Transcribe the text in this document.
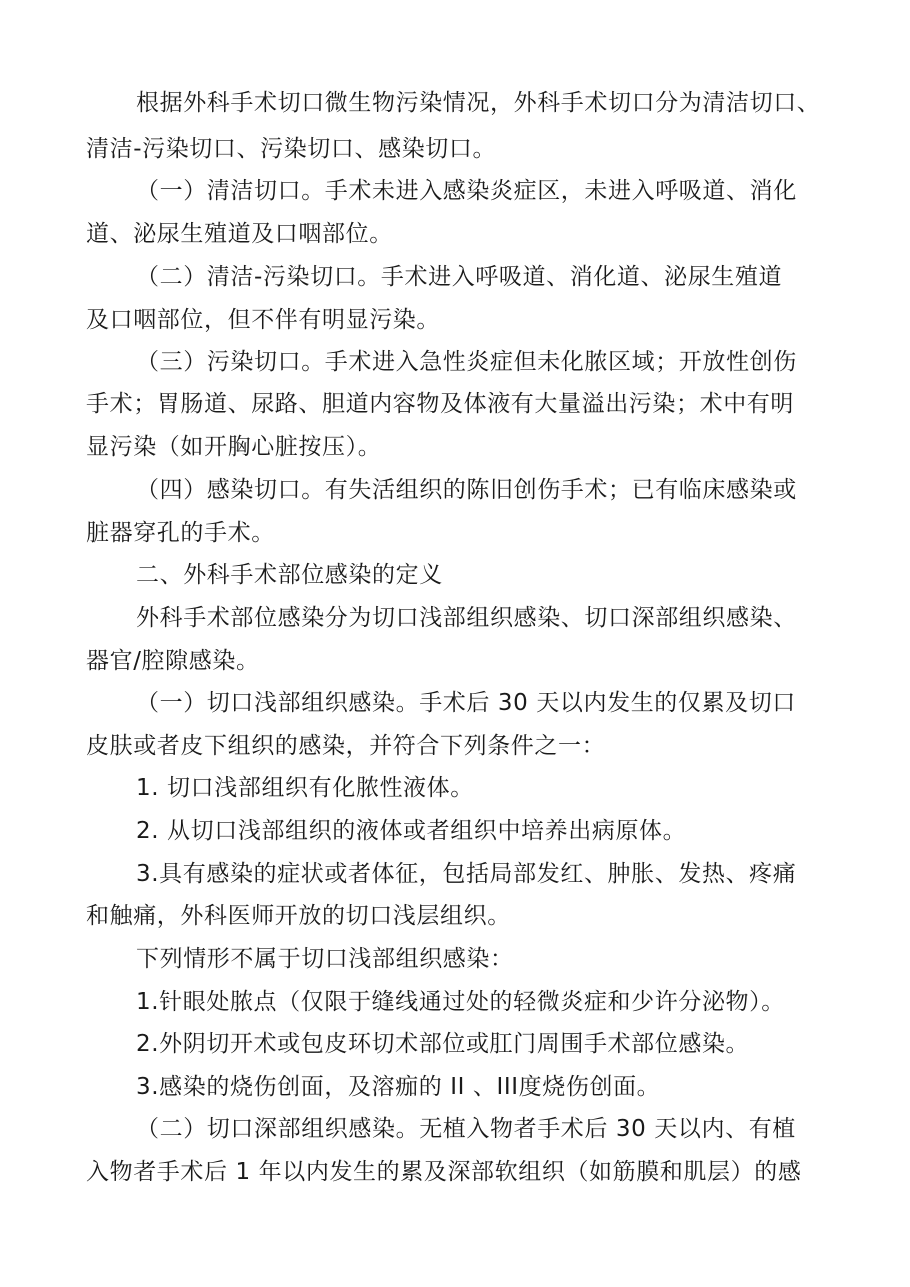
根据外科手术切口微生物污染情况，外科手术切口分为清洁切口、
清洁-污染切口、污染切口、感染切口。
（一）清洁切口。手术未进入感染炎症区，未进入呼吸道、消化
道、泌尿生殖道及口咽部位。
（二）清洁-污染切口。手术进入呼吸道、消化道、泌尿生殖道
及口咽部位，但不伴有明显污染。
（三）污染切口。手术进入急性炎症但未化脓区域；开放性创伤
手术；胃肠道、尿路、胆道内容物及体液有大量溢出污染；术中有明
显污染（如开胸心脏按压）。
（四）感染切口。有失活组织的陈旧创伤手术；已有临床感染或
脏器穿孔的手术。
二、外科手术部位感染的定义
外科手术部位感染分为切口浅部组织感染、切口深部组织感染、
器官/腔隙感染。
（一）切口浅部组织感染。手术后 30 天以内发生的仅累及切口
皮肤或者皮下组织的感染，并符合下列条件之一：
1. 切口浅部组织有化脓性液体。
2. 从切口浅部组织的液体或者组织中培养出病原体。
3.具有感染的症状或者体征，包括局部发红、肿胀、发热、疼痛
和触痛，外科医师开放的切口浅层组织。
下列情形不属于切口浅部组织感染：
1.针眼处脓点（仅限于缝线通过处的轻微炎症和少许分泌物）。
2.外阴切开术或包皮环切术部位或肛门周围手术部位感染。
3.感染的烧伤创面，及溶痂的 II 、III度烧伤创面。
（二）切口深部组织感染。无植入物者手术后 30 天以内、有植
入物者手术后 1 年以内发生的累及深部软组织（如筋膜和肌层）的感
